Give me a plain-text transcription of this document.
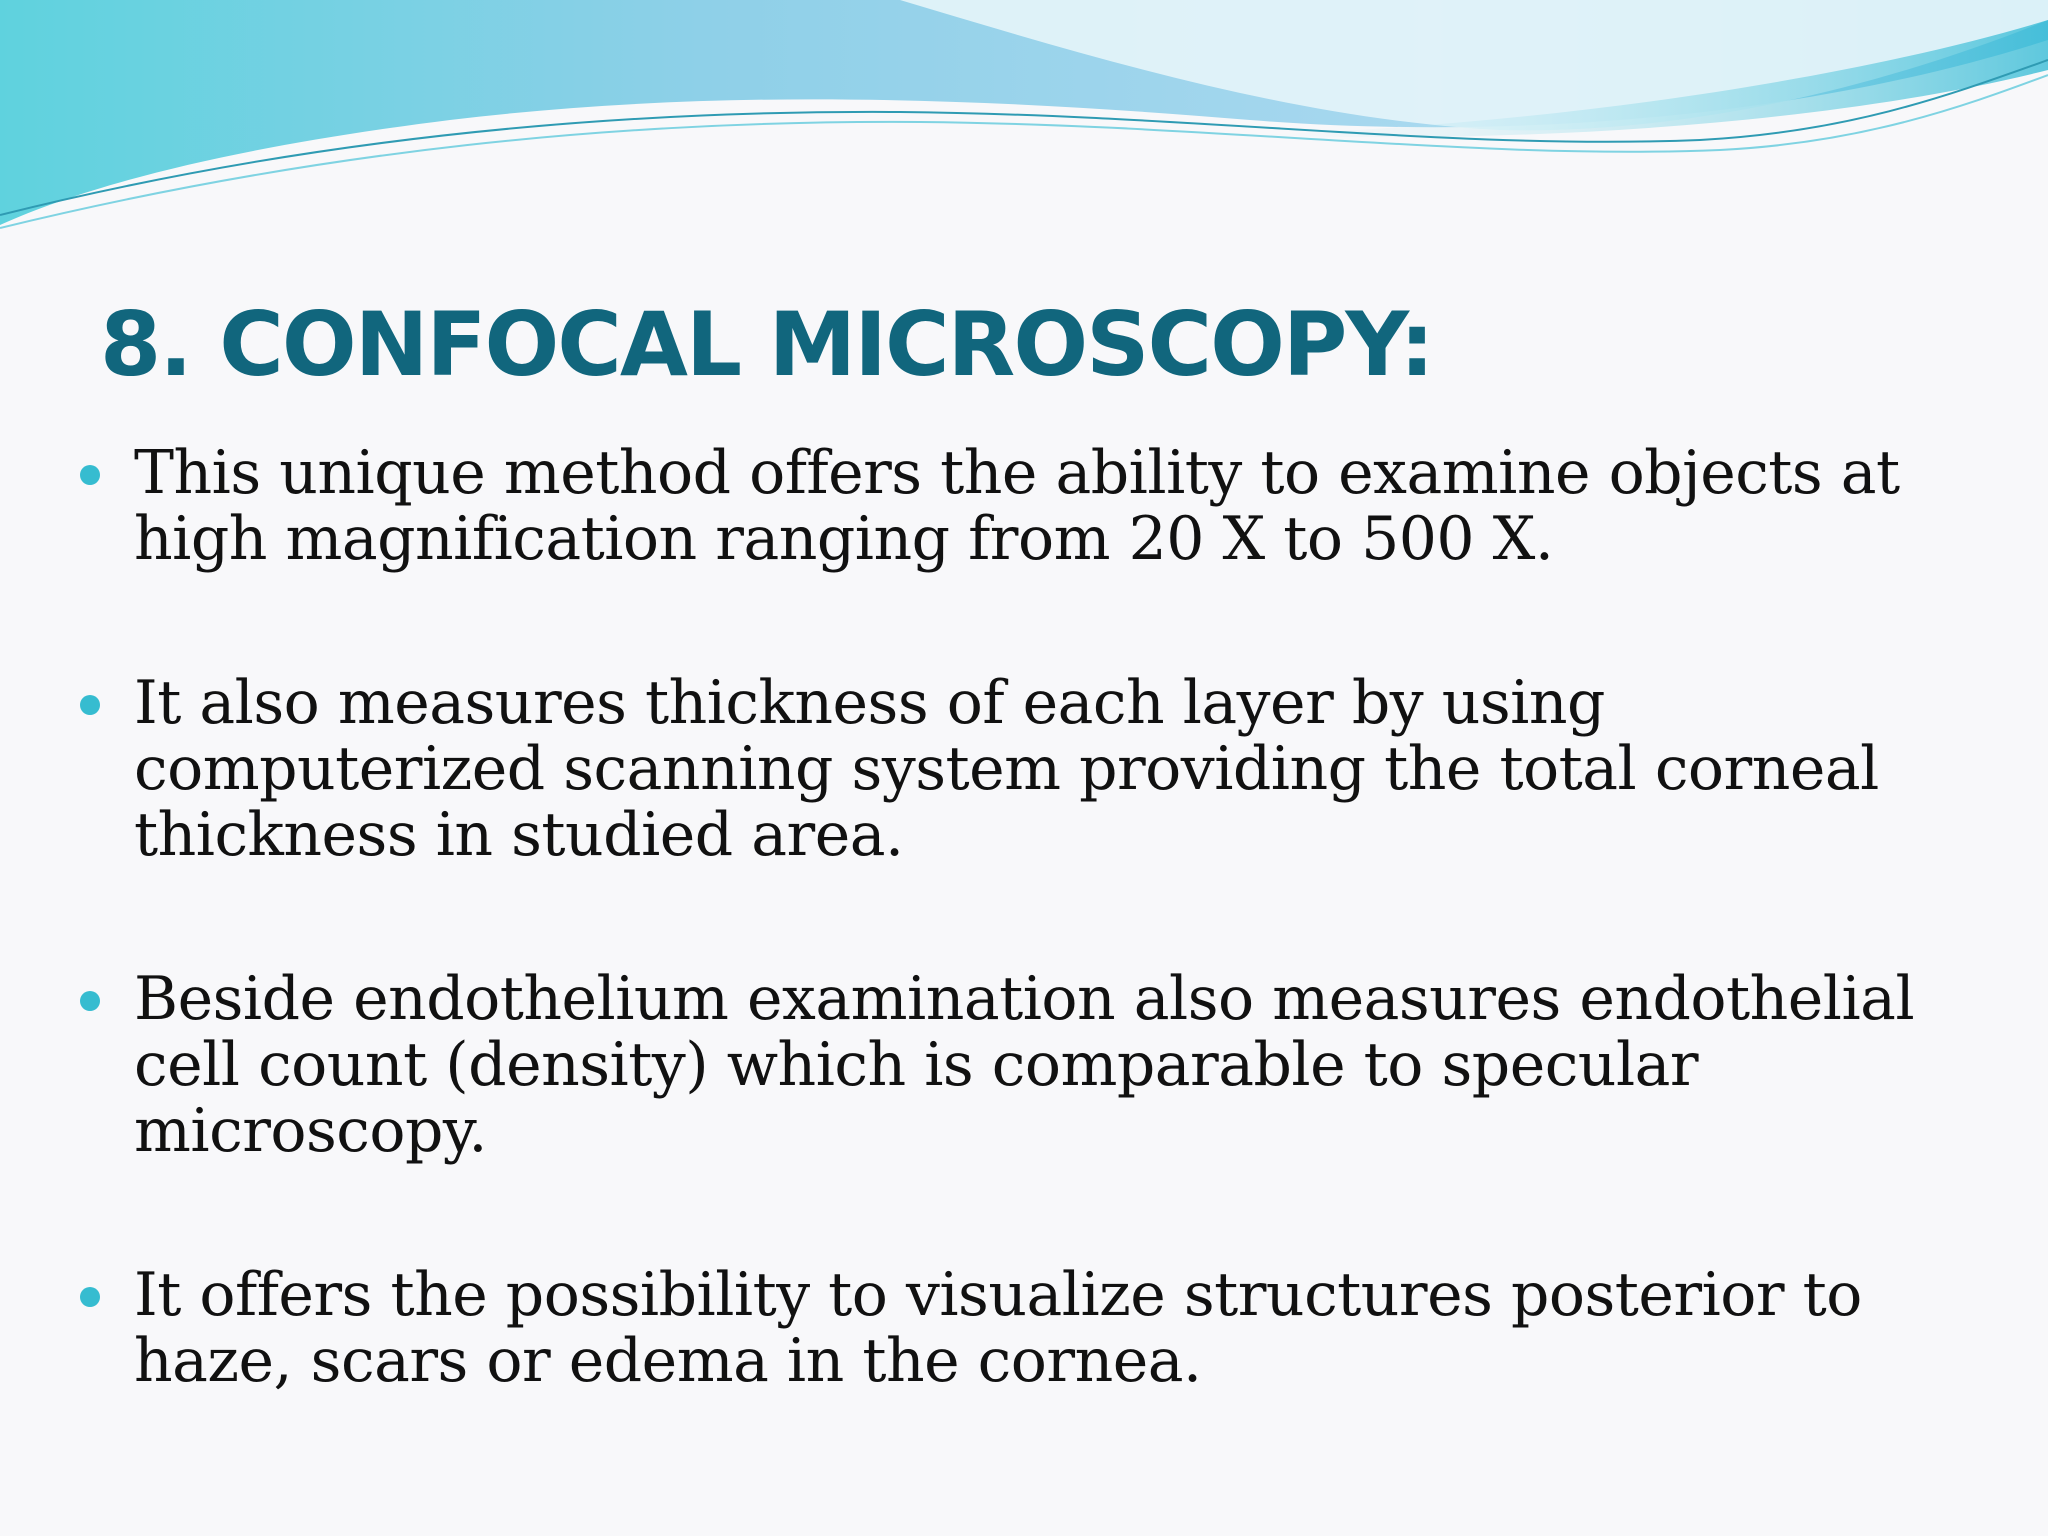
8. CONFOCAL MICROSCOPY:
This unique method offers the ability to examine objects at high magnification ranging from 20 X to 500 X.
It also measures thickness of each layer by using computerized scanning system providing the total corneal thickness in studied area.
Beside endothelium examination also measures endothelial cell count (density) which is comparable to specular microscopy.
It offers the possibility to visualize structures posterior to haze, scars or edema in the cornea.
